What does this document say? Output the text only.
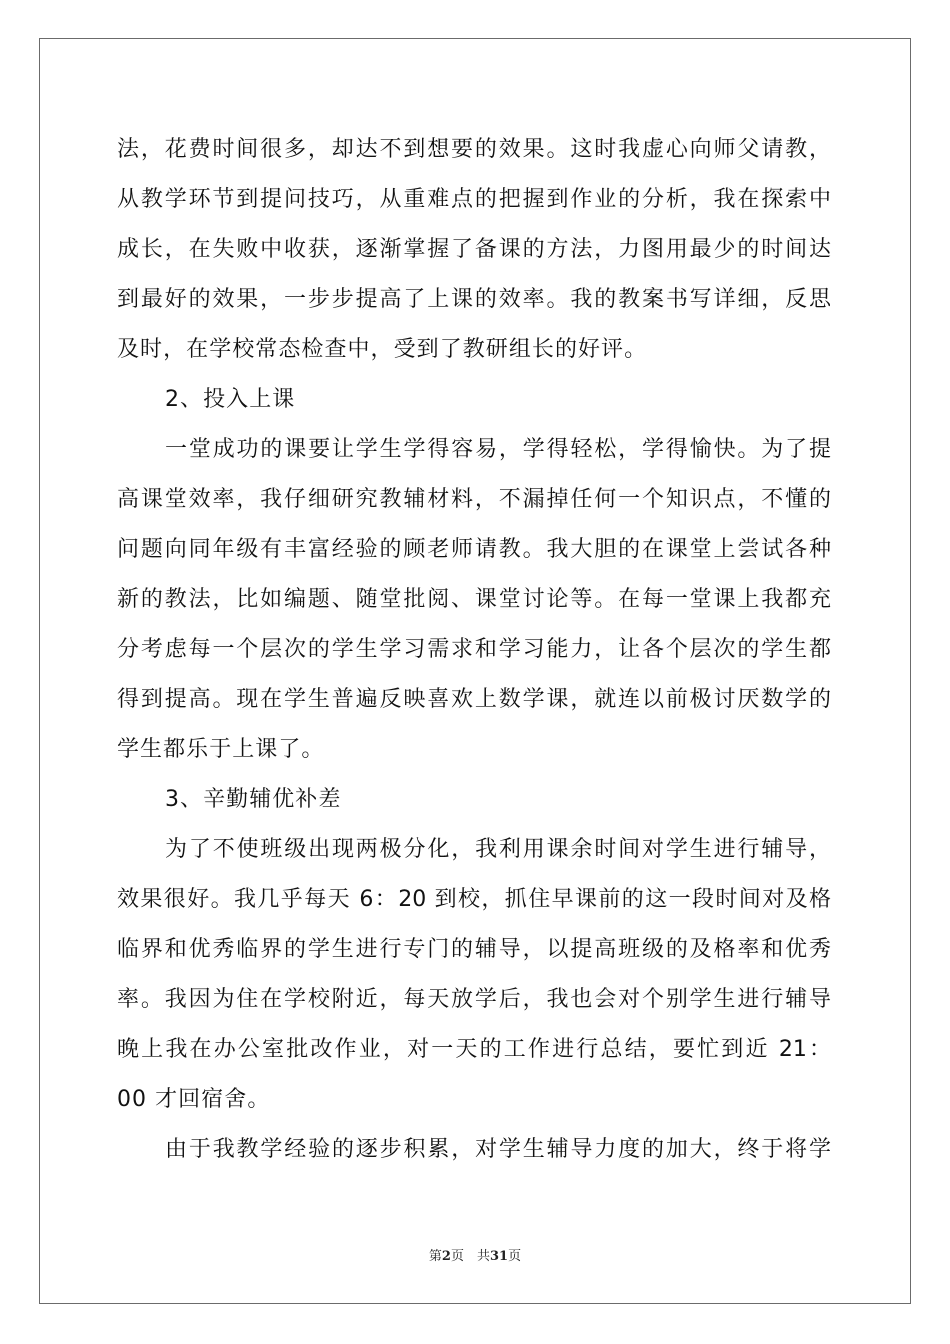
法，花费时间很多，却达不到想要的效果。这时我虚心向师父请教，
从教学环节到提问技巧，从重难点的把握到作业的分析，我在探索中
成长，在失败中收获，逐渐掌握了备课的方法，力图用最少的时间达
到最好的效果，一步步提高了上课的效率。我的教案书写详细，反思
及时，在学校常态检查中，受到了教研组长的好评。
2、投入上课
一堂成功的课要让学生学得容易，学得轻松，学得愉快。为了提
高课堂效率，我仔细研究教辅材料，不漏掉任何一个知识点，不懂的
问题向同年级有丰富经验的顾老师请教。我大胆的在课堂上尝试各种
新的教法，比如编题、随堂批阅、课堂讨论等。在每一堂课上我都充
分考虑每一个层次的学生学习需求和学习能力，让各个层次的学生都
得到提高。现在学生普遍反映喜欢上数学课，就连以前极讨厌数学的
学生都乐于上课了。
3、辛勤辅优补差
为了不使班级出现两极分化，我利用课余时间对学生进行辅导，
效果很好。我几乎每天 6：20 到校，抓住早课前的这一段时间对及格
临界和优秀临界的学生进行专门的辅导，以提高班级的及格率和优秀
率。我因为住在学校附近，每天放学后，我也会对个别学生进行辅导
晚上我在办公室批改作业，对一天的工作进行总结，要忙到近 21：
00 才回宿舍。
由于我教学经验的逐步积累，对学生辅导力度的加大，终于将学
第2页　共31页
